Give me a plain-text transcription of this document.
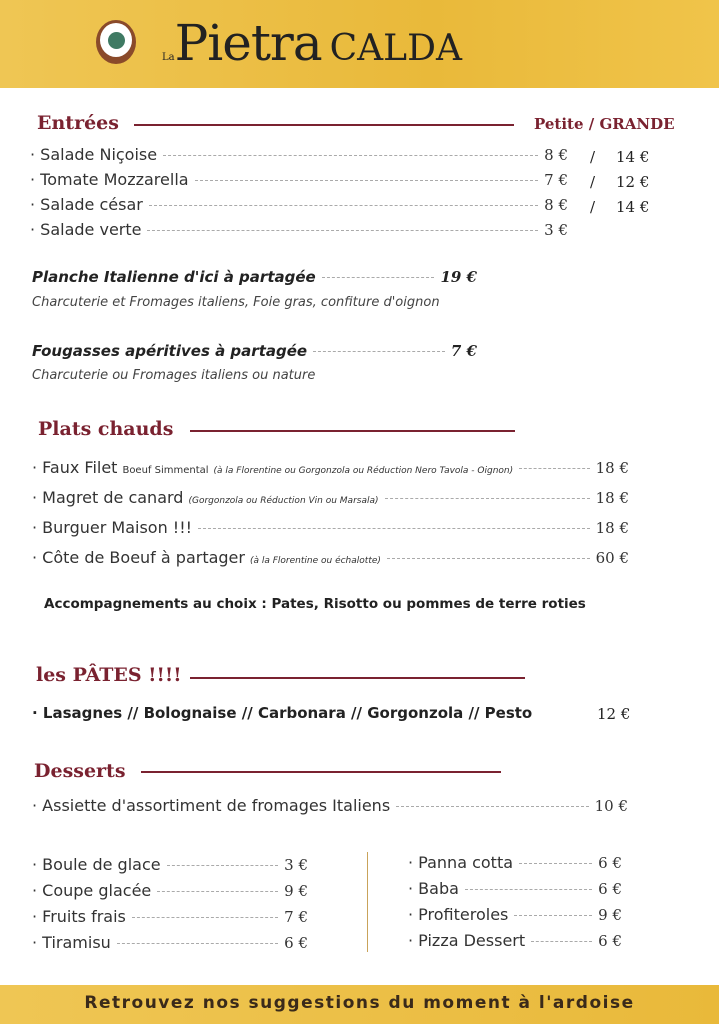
LaPietra CALDA
Entrées	Petite / GRANDE
· Salade Niçoise	8 € / 14 €
· Tomate Mozzarella	7 € / 12 €
· Salade césar	8 € / 14 €
· Salade verte	3 €
Planche Italienne d'ici à partagée	19 €
Charcuterie et Fromages italiens, Foie gras, confiture d'oignon
Fougasses apéritives à partagée	7 €
Charcuterie ou Fromages italiens ou nature
Plats chauds
· Faux Filet Boeuf Simmental (à la Florentine ou Gorgonzola ou Réduction Nero Tavola - Oignon)	18 €
· Magret de canard (Gorgonzola ou Réduction Vin ou Marsala)	18 €
· Burguer Maison !!!	18 €
· Côte de Boeuf à partager (à la Florentine ou échalotte)	60 €
Accompagnements au choix : Pates, Risotto ou pommes de terre roties
les PÂTES !!!!
· Lasagnes // Bolognaise // Carbonara // Gorgonzola // Pesto	12 €
Desserts
· Assiette d'assortiment de fromages Italiens	10 €
· Boule de glace	3 €
· Coupe glacée	9 €
· Fruits frais	7 €
· Tiramisu	6 €
· Panna cotta	6 €
· Baba	6 €
· Profiteroles	9 €
· Pizza Dessert	6 €
Retrouvez nos suggestions du moment à l'ardoise
